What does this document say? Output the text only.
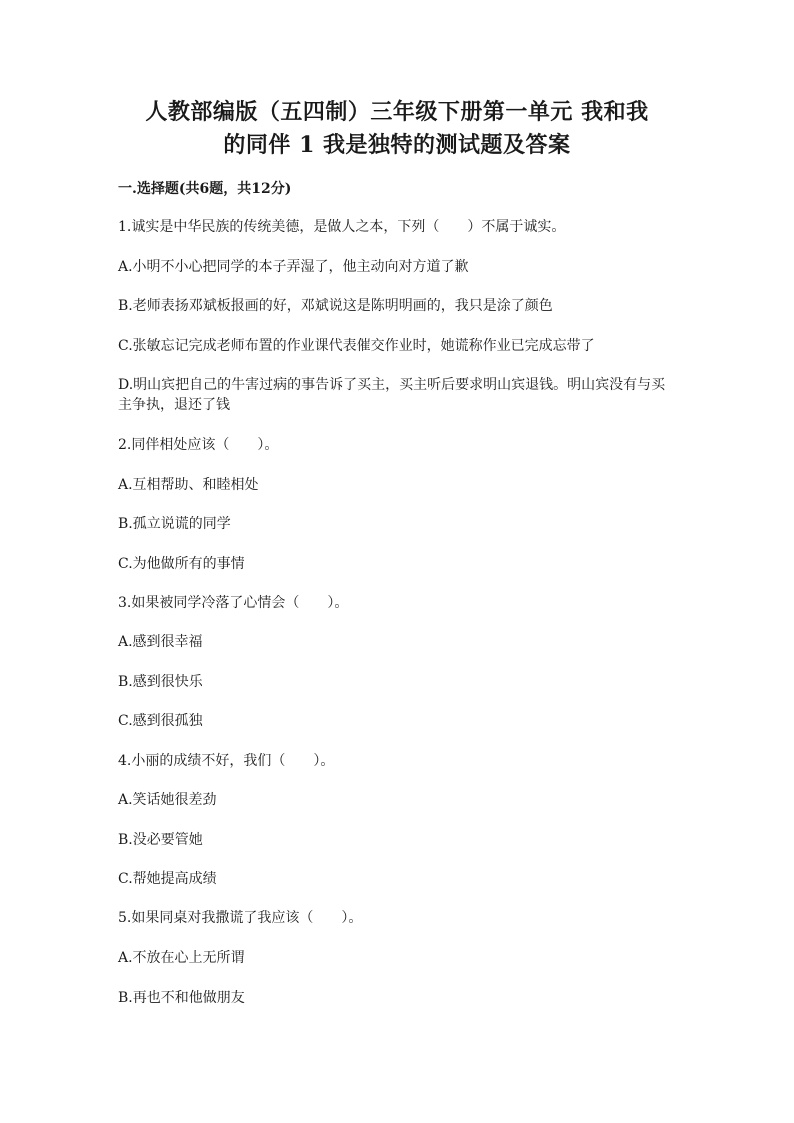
人教部编版（五四制）三年级下册第一单元 我和我
的同伴 1 我是独特的测试题及答案
一.选择题(共6题，共12分)
1.诚实是中华民族的传统美德，是做人之本，下列（　　）不属于诚实。
A.小明不小心把同学的本子弄湿了，他主动向对方道了歉
B.老师表扬邓斌板报画的好，邓斌说这是陈明明画的，我只是涂了颜色
C.张敏忘记完成老师布置的作业课代表催交作业时，她谎称作业已完成忘带了
D.明山宾把自己的牛害过病的事告诉了买主，买主听后要求明山宾退钱。明山宾没有与买主争执，退还了钱
2.同伴相处应该（　　）。
A.互相帮助、和睦相处
B.孤立说谎的同学
C.为他做所有的事情
3.如果被同学冷落了心情会（　　）。
A.感到很幸福
B.感到很快乐
C.感到很孤独
4.小丽的成绩不好，我们（　　）。
A.笑话她很差劲
B.没必要管她
C.帮她提高成绩
5.如果同桌对我撒谎了我应该（　　）。
A.不放在心上无所谓
B.再也不和他做朋友
